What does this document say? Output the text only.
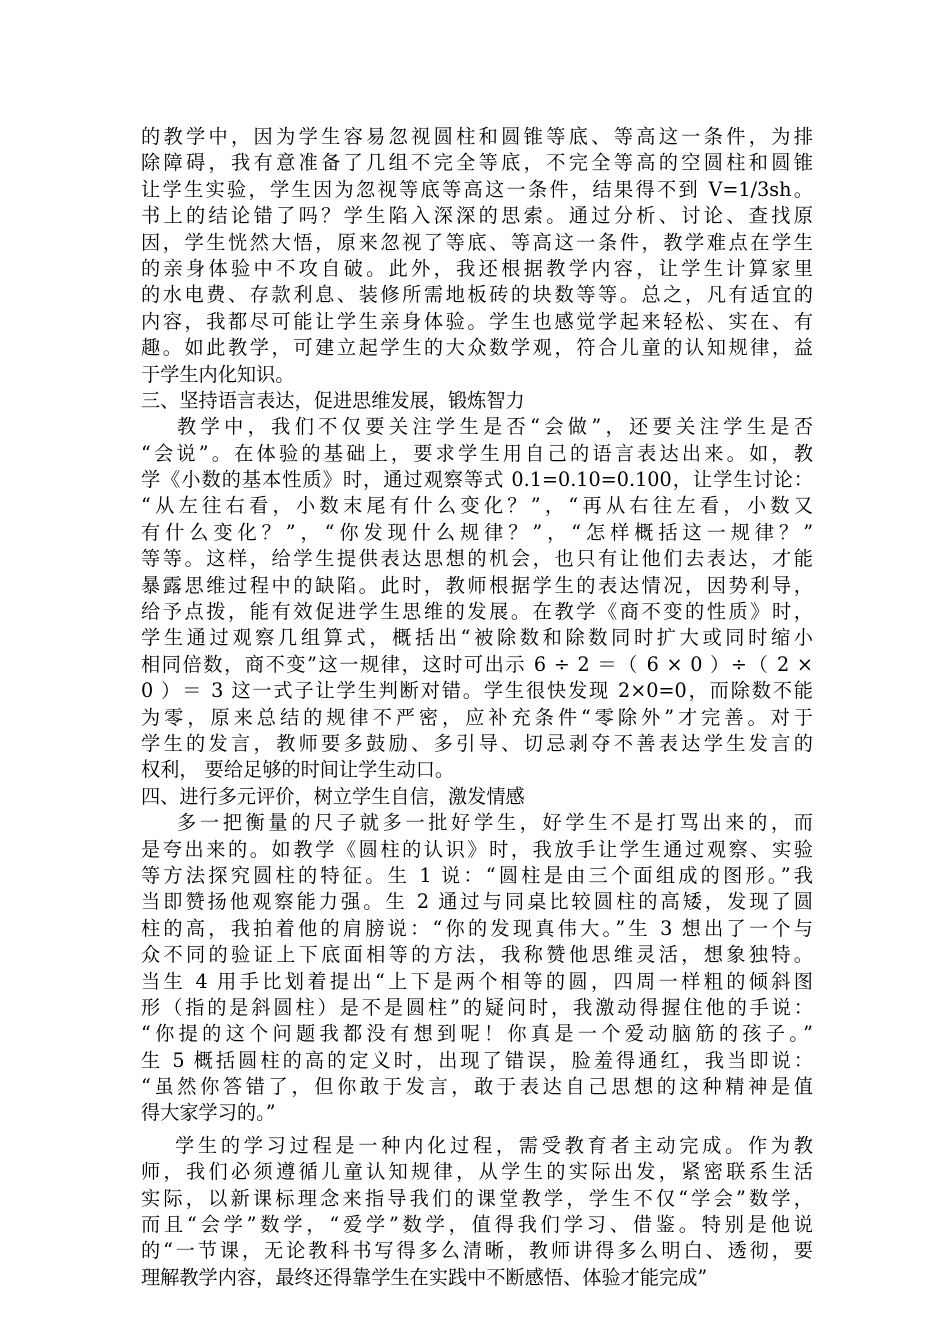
的教学中，因为学生容易忽视圆柱和圆锥等底、等高这一条件，为排
除障碍，我有意准备了几组不完全等底，不完全等高的空圆柱和圆锥
让学生实验，学生因为忽视等底等高这一条件，结果得不到 V=1/3sh。
书上的结论错了吗？学生陷入深深的思索。通过分析、讨论、查找原
因，学生恍然大悟，原来忽视了等底、等高这一条件，教学难点在学生
的亲身体验中不攻自破。此外，我还根据教学内容，让学生计算家里
的水电费、存款利息、装修所需地板砖的块数等等。总之，凡有适宜的
内容，我都尽可能让学生亲身体验。学生也感觉学起来轻松、实在、有
趣。如此教学，可建立起学生的大众数学观，符合儿童的认知规律，益
于学生内化知识。
三、坚持语言表达，促进思维发展，锻炼智力
教学中，我们不仅要关注学生是否“会做”，还要关注学生是否
“会说”。在体验的基础上，要求学生用自己的语言表达出来。如，教
学《小数的基本性质》时，通过观察等式 0.1=0.10=0.100，让学生讨论：
“从左往右看，小数末尾有什么变化？”，“再从右往左看，小数又
有什么变化？”，“你发现什么规律？”，“怎样概括这一规律？”
等等。这样，给学生提供表达思想的机会，也只有让他们去表达，才能
暴露思维过程中的缺陷。此时，教师根据学生的表达情况，因势利导，
给予点拨，能有效促进学生思维的发展。在教学《商不变的性质》时，
学生通过观察几组算式，概括出“被除数和除数同时扩大或同时缩小
相同倍数，商不变”这一规律，这时可出示 6 ÷ 2 ＝（ 6 × 0 ）÷（ 2 ×
0 ）＝ 3 这一式子让学生判断对错。学生很快发现 2×0=0，而除数不能
为零，原来总结的规律不严密，应补充条件“零除外”才完善。对于
学生的发言，教师要多鼓励、多引导、切忌剥夺不善表达学生发言的
权利， 要给足够的时间让学生动口。
四、进行多元评价，树立学生自信，激发情感
多一把衡量的尺子就多一批好学生，好学生不是打骂出来的，而
是夸出来的。如教学《圆柱的认识》时，我放手让学生通过观察、实验
等方法探究圆柱的特征。生 1 说：“圆柱是由三个面组成的图形。”我
当即赞扬他观察能力强。生 2 通过与同桌比较圆柱的高矮，发现了圆
柱的高，我拍着他的肩膀说：“你的发现真伟大。”生 3 想出了一个与
众不同的验证上下底面相等的方法，我称赞他思维灵活，想象独特。
当生 4 用手比划着提出“上下是两个相等的圆，四周一样粗的倾斜图
形（指的是斜圆柱）是不是圆柱”的疑问时，我激动得握住他的手说：
“你提的这个问题我都没有想到呢！你真是一个爱动脑筋的孩子。”
生 5 概括圆柱的高的定义时，出现了错误，脸羞得通红，我当即说：
“虽然你答错了，但你敢于发言，敢于表达自己思想的这种精神是值
得大家学习的。”
学生的学习过程是一种内化过程，需受教育者主动完成。作为教
师，我们必须遵循儿童认知规律，从学生的实际出发，紧密联系生活
实际，以新课标理念来指导我们的课堂教学，学生不仅“学会”数学，
而且“会学”数学，“爱学”数学，值得我们学习、借鉴。特别是他说
的“一节课，无论教科书写得多么清晰，教师讲得多么明白、透彻，要
理解教学内容，最终还得靠学生在实践中不断感悟、体验才能完成”
